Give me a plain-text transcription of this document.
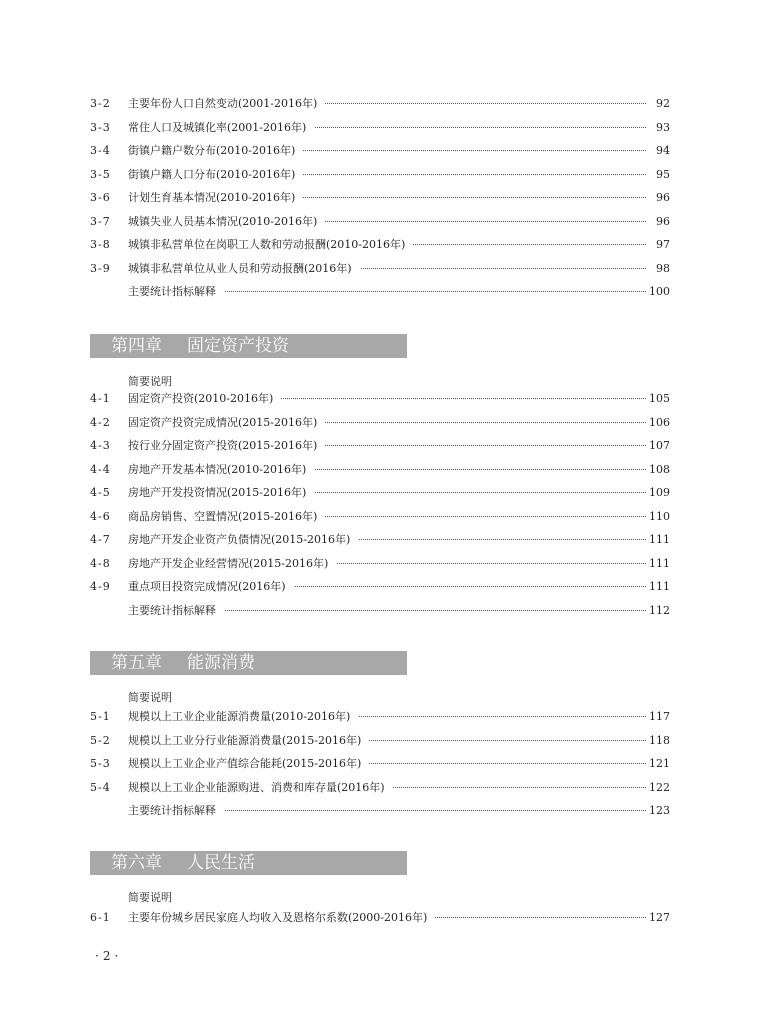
3-2	主要年份人口自然变动(2001-2016年)	92
3-3	常住人口及城镇化率(2001-2016年)	93
3-4	街镇户籍户数分布(2010-2016年)	94
3-5	街镇户籍人口分布(2010-2016年)	95
3-6	计划生育基本情况(2010-2016年)	96
3-7	城镇失业人员基本情况(2010-2016年)	96
3-8	城镇非私营单位在岗职工人数和劳动报酬(2010-2016年)	97
3-9	城镇非私营单位从业人员和劳动报酬(2016年)	98
主要统计指标解释	100
第四章 固定资产投资
简要说明
4-1	固定资产投资(2010-2016年)	105
4-2	固定资产投资完成情况(2015-2016年)	106
4-3	按行业分固定资产投资(2015-2016年)	107
4-4	房地产开发基本情况(2010-2016年)	108
4-5	房地产开发投资情况(2015-2016年)	109
4-6	商品房销售、空置情况(2015-2016年)	110
4-7	房地产开发企业资产负债情况(2015-2016年)	111
4-8	房地产开发企业经营情况(2015-2016年)	111
4-9	重点项目投资完成情况(2016年)	111
主要统计指标解释	112
第五章 能源消费
简要说明
5-1	规模以上工业企业能源消费量(2010-2016年)	117
5-2	规模以上工业分行业能源消费量(2015-2016年)	118
5-3	规模以上工业企业产值综合能耗(2015-2016年)	121
5-4	规模以上工业企业能源购进、消费和库存量(2016年)	122
主要统计指标解释	123
第六章 人民生活
简要说明
6-1	主要年份城乡居民家庭人均收入及恩格尔系数(2000-2016年)	127
·2·
